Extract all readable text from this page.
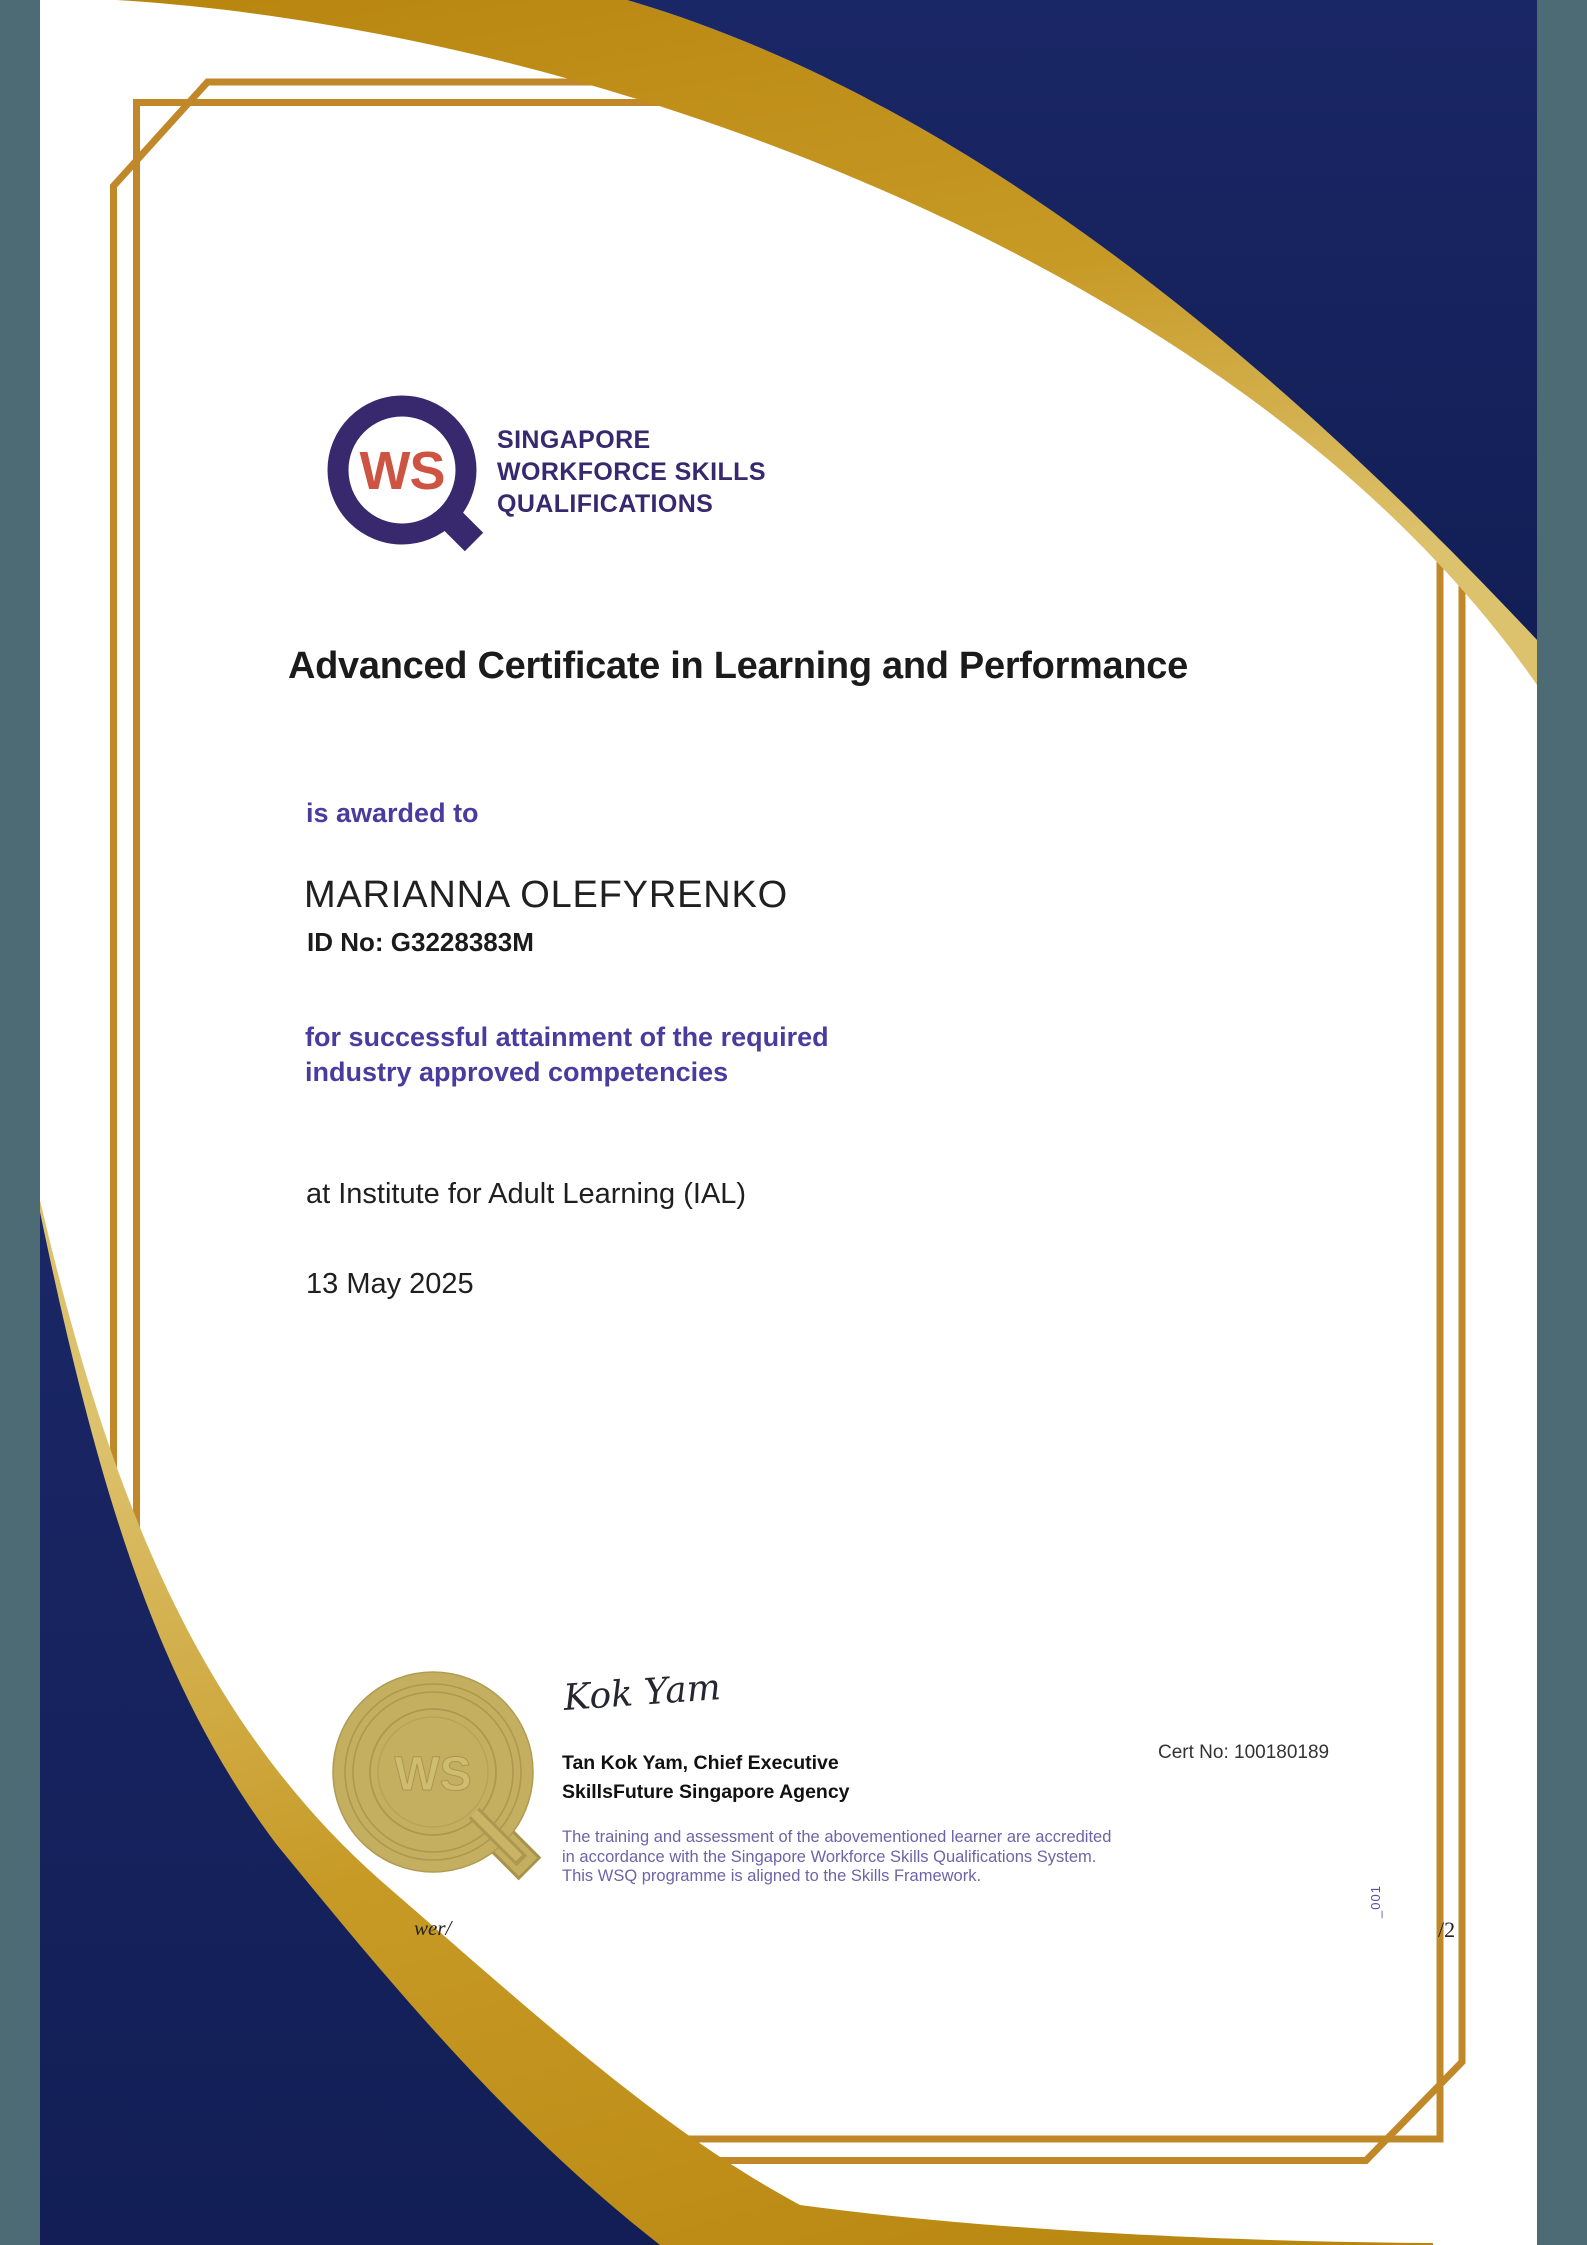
WS
SINGAPORE
WORKFORCE SKILLS
QUALIFICATIONS
Advanced Certificate in Learning and Performance
is awarded to
MARIANNA OLEFYRENKO
ID No: G3228383M
for successful attainment of the required
industry approved competencies
at Institute for Adult Learning (IAL)
13 May 2025
WS
Kok Yam
Tan Kok Yam, Chief Executive
SkillsFuture Singapore Agency
The training and assessment of the abovementioned learner are accredited
in accordance with the Singapore Workforce Skills Qualifications System.
This WSQ programme is aligned to the Skills Framework.
Cert No: 100180189
wer/	/2
_001
